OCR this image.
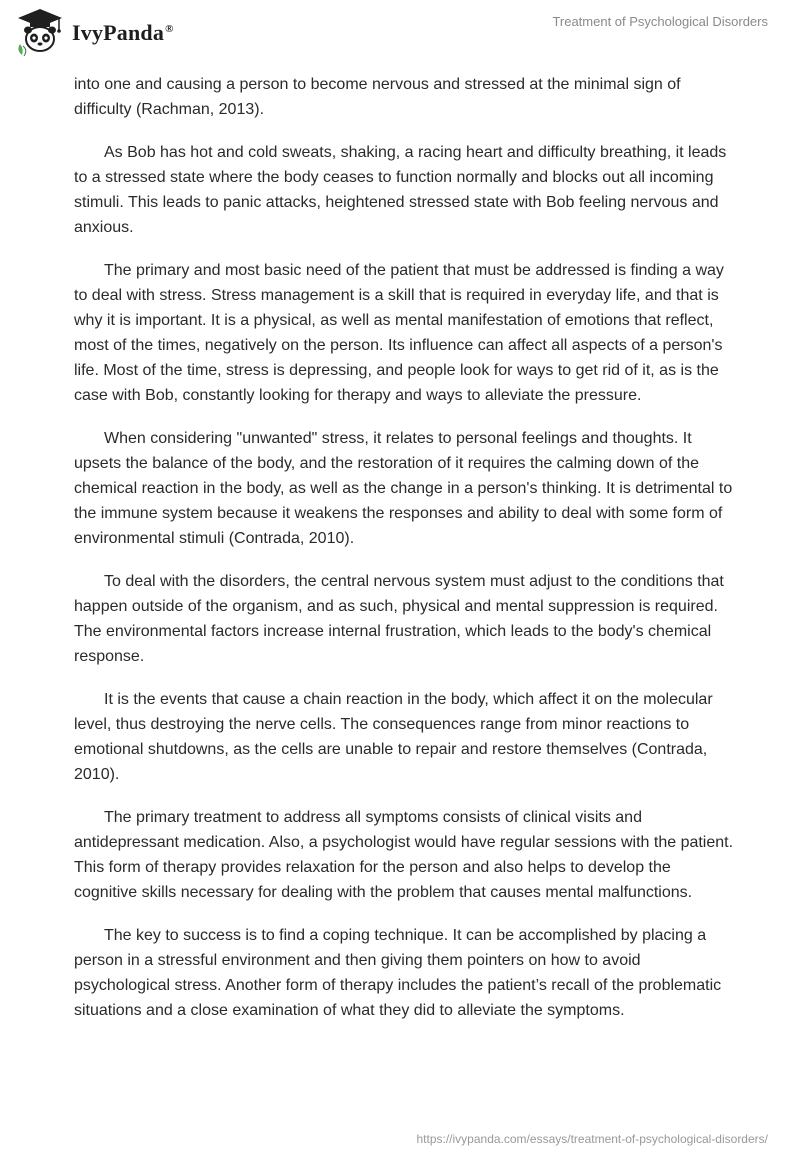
IvyPanda®	Treatment of Psychological Disorders

into one and causing a person to become nervous and stressed at the minimal sign of difficulty (Rachman, 2013).

As Bob has hot and cold sweats, shaking, a racing heart and difficulty breathing, it leads to a stressed state where the body ceases to function normally and blocks out all incoming stimuli. This leads to panic attacks, heightened stressed state with Bob feeling nervous and anxious.

The primary and most basic need of the patient that must be addressed is finding a way to deal with stress. Stress management is a skill that is required in everyday life, and that is why it is important. It is a physical, as well as mental manifestation of emotions that reflect, most of the times, negatively on the person. Its influence can affect all aspects of a person's life. Most of the time, stress is depressing, and people look for ways to get rid of it, as is the case with Bob, constantly looking for therapy and ways to alleviate the pressure.

When considering "unwanted" stress, it relates to personal feelings and thoughts. It upsets the balance of the body, and the restoration of it requires the calming down of the chemical reaction in the body, as well as the change in a person's thinking. It is detrimental to the immune system because it weakens the responses and ability to deal with some form of environmental stimuli (Contrada, 2010).

To deal with the disorders, the central nervous system must adjust to the conditions that happen outside of the organism, and as such, physical and mental suppression is required. The environmental factors increase internal frustration, which leads to the body's chemical response.

It is the events that cause a chain reaction in the body, which affect it on the molecular level, thus destroying the nerve cells. The consequences range from minor reactions to emotional shutdowns, as the cells are unable to repair and restore themselves (Contrada, 2010).

The primary treatment to address all symptoms consists of clinical visits and antidepressant medication. Also, a psychologist would have regular sessions with the patient. This form of therapy provides relaxation for the person and also helps to develop the cognitive skills necessary for dealing with the problem that causes mental malfunctions.

The key to success is to find a coping technique. It can be accomplished by placing a person in a stressful environment and then giving them pointers on how to avoid psychological stress. Another form of therapy includes the patient’s recall of the problematic situations and a close examination of what they did to alleviate the symptoms.

https://ivypanda.com/essays/treatment-of-psychological-disorders/
